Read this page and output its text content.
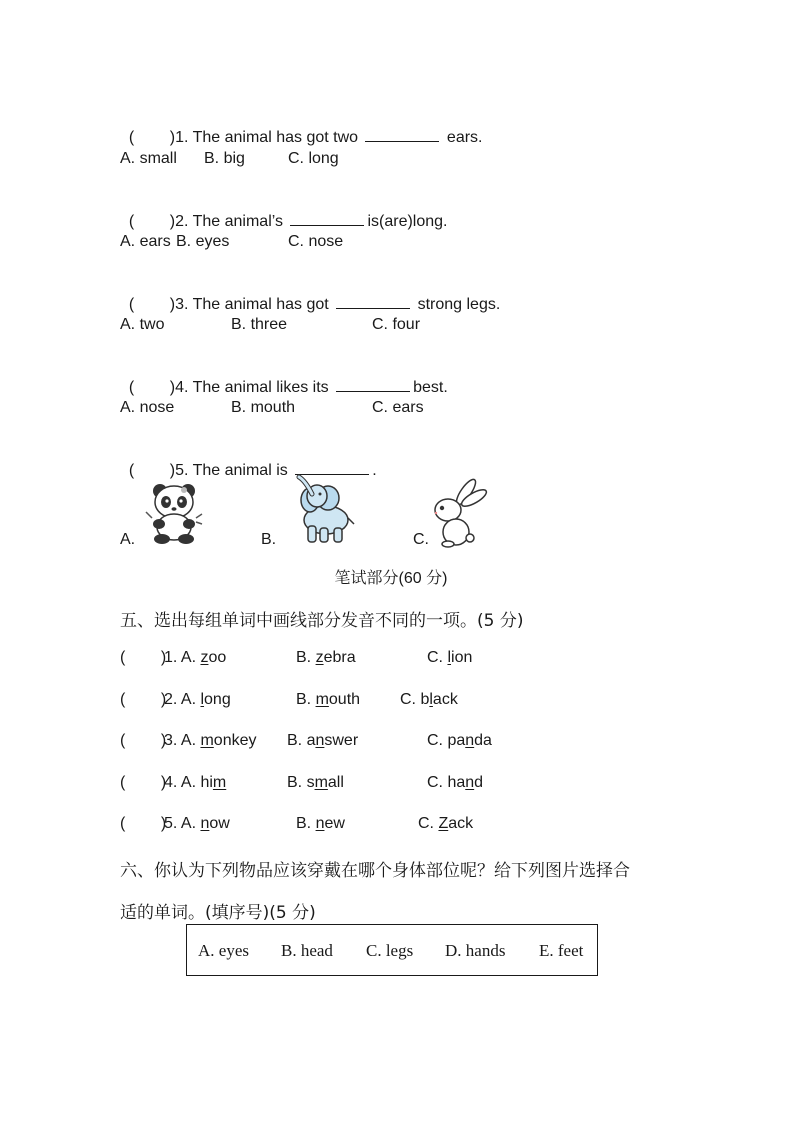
(        )1. The animal has got two	ears.

A. small

B. big

	C. long

(        )2. The animal’s	is(are)long.

A. ears

B. eyes

	C. nose

(        )3. The animal has got	strong legs.

A. two

	B. three

	C. four

(        )4. The animal likes its	best.

A. nose

	B. mouth

	C. ears

(        )5. The animal is	.

A.	B.	C.
笔试部分(60 分)
五、选出每组单词中画线部分发音不同的一项。(5 分)

(        )

1. A. zoo

	B. zebra

	C. lion

(        )

2. A. long

	B. mouth

C. black

(        )

3. A. monkey

B. answer

	C. panda

(        )

4. A. him

	B. small

	C. hand

(        )

5. A. now

	B. new

	C. Zack

六、你认为下列物品应该穿戴在哪个身体部位呢？给下列图片选择合
适的单词。(填序号)(5 分)
A. eyes B. head C. legs D. hands E. feet
